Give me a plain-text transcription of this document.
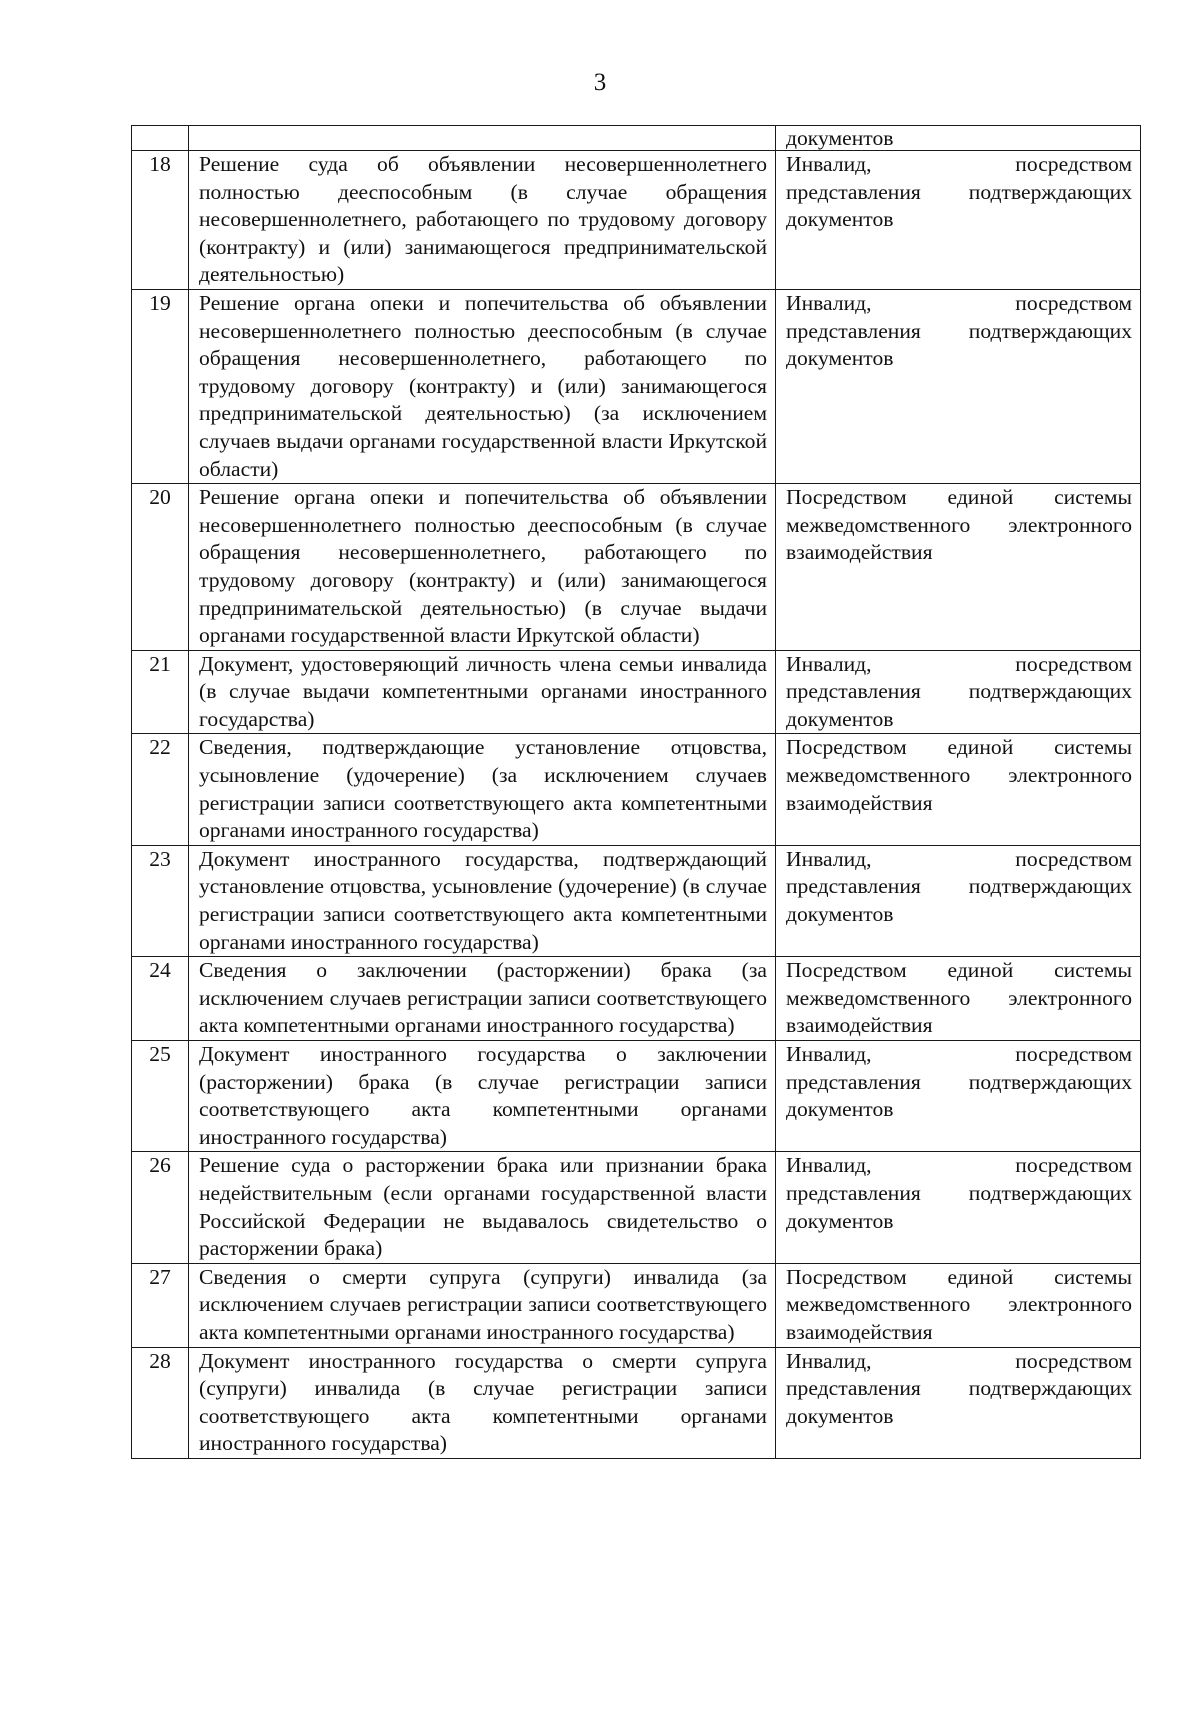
3
		документов
18	Решение суда об объявлении несовершеннолетнего полностью дееспособным (в случае обращения несовершеннолетнего, работающего по трудовому договору (контракту) и (или) занимающегося предпринимательской деятельностью)	Инвалид, посредством представления подтверждающих документов
19	Решение органа опеки и попечительства об объявлении несовершеннолетнего полностью дееспособным (в случае обращения несовершеннолетнего, работающего по трудовому договору (контракту) и (или) занимающегося предпринимательской деятельностью) (за исключением случаев выдачи органами государственной власти Иркутской области)	Инвалид, посредством представления подтверждающих документов
20	Решение органа опеки и попечительства об объявлении несовершеннолетнего полностью дееспособным (в случае обращения несовершеннолетнего, работающего по трудовому договору (контракту) и (или) занимающегося предпринимательской деятельностью) (в случае выдачи органами государственной власти Иркутской области)	Посредством единой системы межведомственного электронного взаимодействия
21	Документ, удостоверяющий личность члена семьи инвалида (в случае выдачи компетентными органами иностранного государства)	Инвалид, посредством представления подтверждающих документов
22	Сведения, подтверждающие установление отцовства, усыновление (удочерение) (за исключением случаев регистрации записи соответствующего акта компетентными органами иностранного государства)	Посредством единой системы межведомственного электронного взаимодействия
23	Документ иностранного государства, подтверждающий установление отцовства, усыновление (удочерение) (в случае регистрации записи соответствующего акта компетентными органами иностранного государства)	Инвалид, посредством представления подтверждающих документов
24	Сведения о заключении (расторжении) брака (за исключением случаев регистрации записи соответствующего акта компетентными органами иностранного государства)	Посредством единой системы межведомственного электронного взаимодействия
25	Документ иностранного государства о заключении (расторжении) брака (в случае регистрации записи соответствующего акта компетентными органами иностранного государства)	Инвалид, посредством представления подтверждающих документов
26	Решение суда о расторжении брака или признании брака недействительным (если органами государственной власти Российской Федерации не выдавалось свидетельство о расторжении брака)	Инвалид, посредством представления подтверждающих документов
27	Сведения о смерти супруга (супруги) инвалида (за исключением случаев регистрации записи соответствующего акта компетентными органами иностранного государства)	Посредством единой системы межведомственного электронного взаимодействия
28	Документ иностранного государства о смерти супруга (супруги) инвалида (в случае регистрации записи соответствующего акта компетентными органами иностранного государства)	Инвалид, посредством представления подтверждающих документов
